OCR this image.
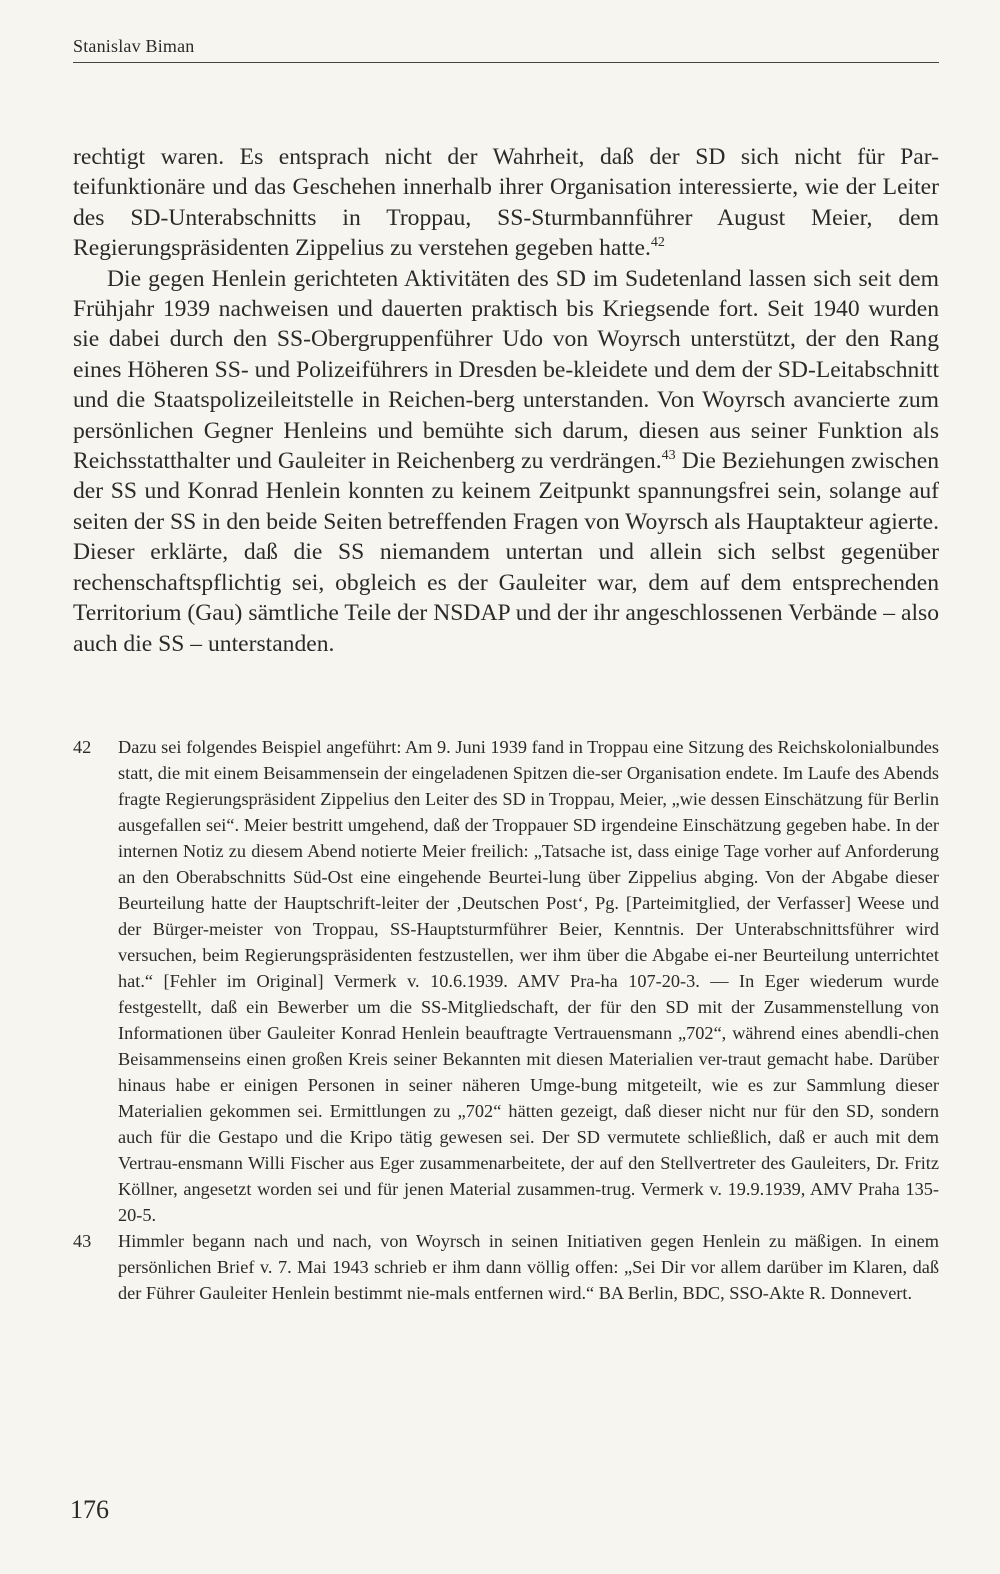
Stanislav Biman

rechtigt waren. Es entsprach nicht der Wahrheit, daß der SD sich nicht für Par-teifunktionäre und das Geschehen innerhalb ihrer Organisation interessierte, wie der Leiter des SD-Unterabschnitts in Troppau, SS-Sturmbannführer August Meier, dem Regierungspräsidenten Zippelius zu verstehen gegeben hatte.$^{42}$

Die gegen Henlein gerichteten Aktivitäten des SD im Sudetenland lassen sich seit dem Frühjahr 1939 nachweisen und dauerten praktisch bis Kriegsende fort. Seit 1940 wurden sie dabei durch den SS-Obergruppenführer Udo von Woyrsch unterstützt, der den Rang eines Höheren SS- und Polizeiführers in Dresden be-kleidete und dem der SD-Leitabschnitt und die Staatspolizeileitstelle in Reichen-berg unterstanden. Von Woyrsch avancierte zum persönlichen Gegner Henleins und bemühte sich darum, diesen aus seiner Funktion als Reichsstatthalter und Gauleiter in Reichenberg zu verdrängen.$^{43}$ Die Beziehungen zwischen der SS und Konrad Henlein konnten zu keinem Zeitpunkt spannungsfrei sein, solange auf seiten der SS in den beide Seiten betreffenden Fragen von Woyrsch als Hauptakteur agierte. Dieser erklärte, daß die SS niemandem untertan und allein sich selbst gegenüber rechenschaftspflichtig sei, obgleich es der Gauleiter war, dem auf dem entsprechenden Territorium (Gau) sämtliche Teile der NSDAP und der ihr angeschlossenen Verbände – also auch die SS – unterstanden.

42 Dazu sei folgendes Beispiel angeführt: Am 9. Juni 1939 fand in Troppau eine Sitzung des Reichskolonialbundes statt, die mit einem Beisammensein der eingeladenen Spitzen die-ser Organisation endete. Im Laufe des Abends fragte Regierungspräsident Zippelius den Leiter des SD in Troppau, Meier, „wie dessen Einschätzung für Berlin ausgefallen sei“. Meier bestritt umgehend, daß der Troppauer SD irgendeine Einschätzung gegeben habe. In der internen Notiz zu diesem Abend notierte Meier freilich: „Tatsache ist, dass einige Tage vorher auf Anforderung an den Oberabschnitts Süd-Ost eine eingehende Beurtei-lung über Zippelius abging. Von der Abgabe dieser Beurteilung hatte der Hauptschrift-leiter der ‚Deutschen Post‘, Pg. [Parteimitglied, der Verfasser] Weese und der Bürger-meister von Troppau, SS-Hauptsturmführer Beier, Kenntnis. Der Unterabschnittsführer wird versuchen, beim Regierungspräsidenten festzustellen, wer ihm über die Abgabe ei-ner Beurteilung unterrichtet hat.“ [Fehler im Original] Vermerk v. 10.6.1939. AMV Pra-ha 107-20-3. — In Eger wiederum wurde festgestellt, daß ein Bewerber um die SS-Mitgliedschaft, der für den SD mit der Zusammenstellung von Informationen über Gauleiter Konrad Henlein beauftragte Vertrauensmann „702“, während eines abendli-chen Beisammenseins einen großen Kreis seiner Bekannten mit diesen Materialien ver-traut gemacht habe. Darüber hinaus habe er einigen Personen in seiner näheren Umge-bung mitgeteilt, wie es zur Sammlung dieser Materialien gekommen sei. Ermittlungen zu „702“ hätten gezeigt, daß dieser nicht nur für den SD, sondern auch für die Gestapo und die Kripo tätig gewesen sei. Der SD vermutete schließlich, daß er auch mit dem Vertrau-ensmann Willi Fischer aus Eger zusammenarbeitete, der auf den Stellvertreter des Gauleiters, Dr. Fritz Köllner, angesetzt worden sei und für jenen Material zusammen-trug. Vermerk v. 19.9.1939, AMV Praha 135-20-5.

43 Himmler begann nach und nach, von Woyrsch in seinen Initiativen gegen Henlein zu mäßigen. In einem persönlichen Brief v. 7. Mai 1943 schrieb er ihm dann völlig offen: „Sei Dir vor allem darüber im Klaren, daß der Führer Gauleiter Henlein bestimmt nie-mals entfernen wird.“ BA Berlin, BDC, SSO-Akte R. Donnevert.

176
